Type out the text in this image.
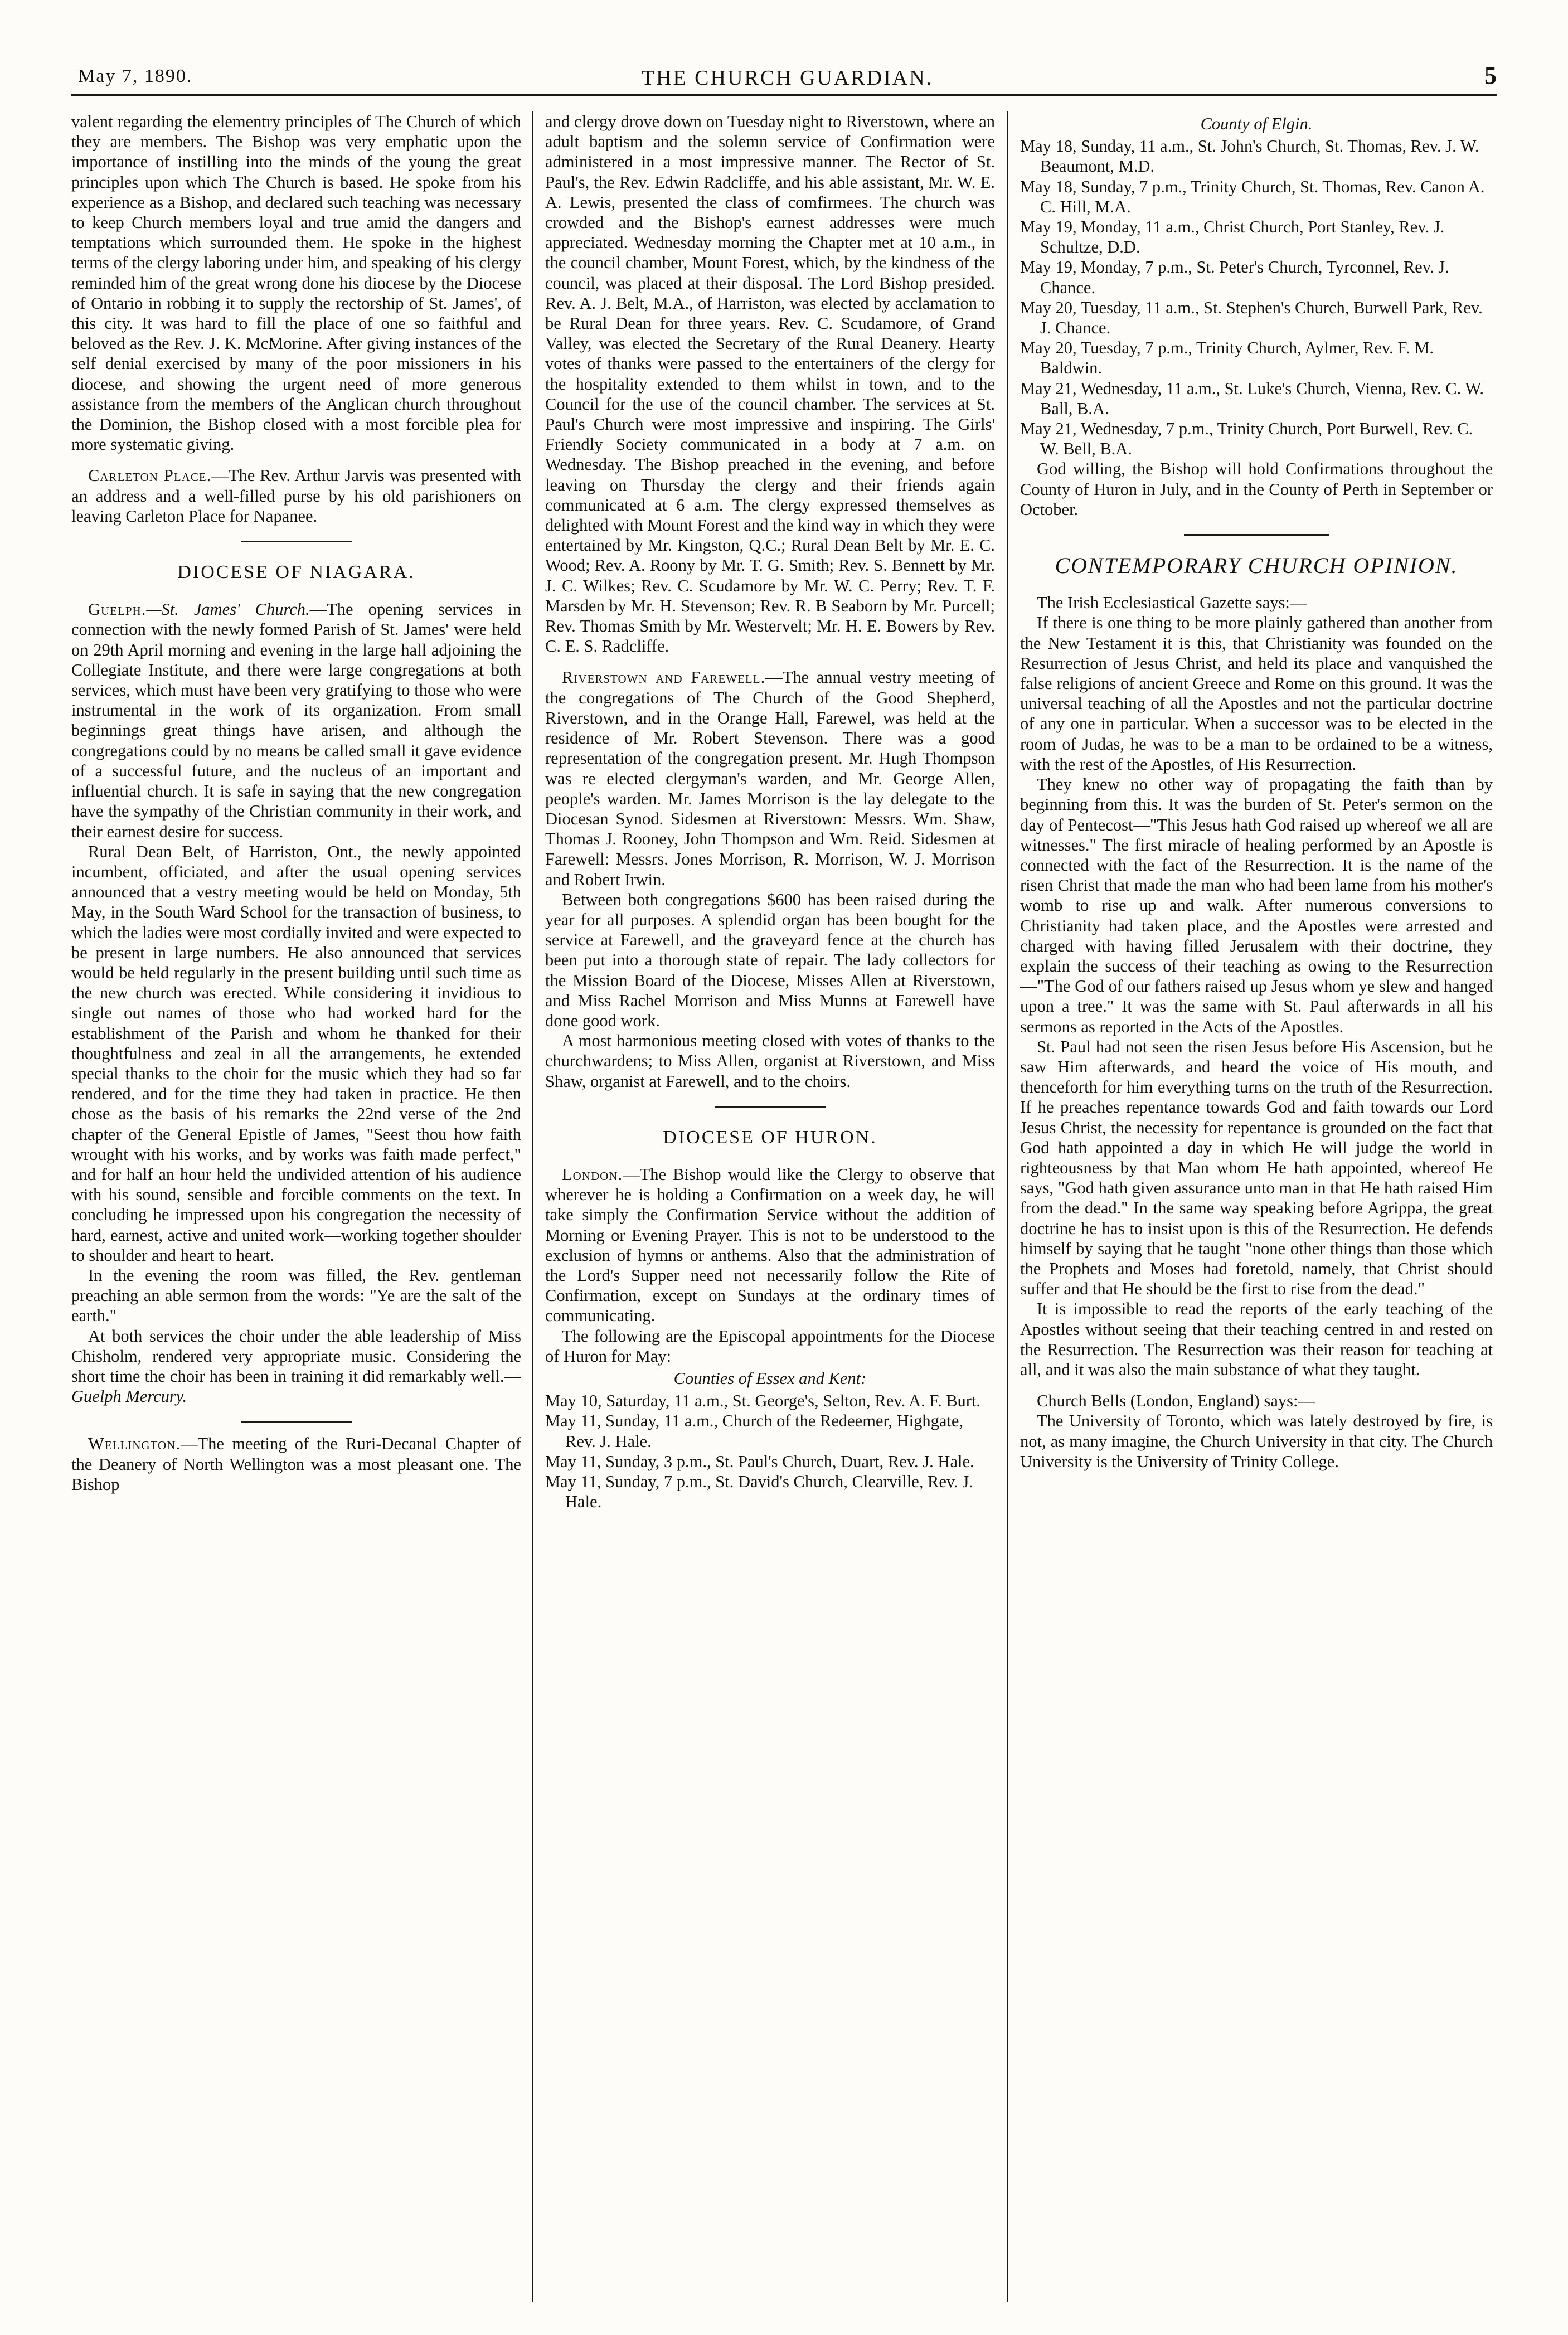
May 7, 1890.	THE CHURCH GUARDIAN.	5

valent regarding the elementry principles of The Church of which they are members. The Bishop was very emphatic upon the importance of instilling into the minds of the young the great principles upon which The Church is based. He spoke from his experience as a Bishop, and declared such teaching was necessary to keep Church members loyal and true amid the dangers and temptations which surrounded them. He spoke in the highest terms of the clergy laboring under him, and speaking of his clergy reminded him of the great wrong done his diocese by the Diocese of Ontario in robbing it to supply the rectorship of St. James', of this city. It was hard to fill the place of one so faithful and beloved as the Rev. J. K. McMorine. After giving instances of the self denial exercised by many of the poor missioners in his diocese, and showing the urgent need of more generous assistance from the members of the Anglican church throughout the Dominion, the Bishop closed with a most forcible plea for more systematic giving.

Carleton Place.—The Rev. Arthur Jarvis was presented with an address and a well-filled purse by his old parishioners on leaving Carleton Place for Napanee.

DIOCESE OF NIAGARA.

Guelph.—St. James' Church.—The opening services in connection with the newly formed Parish of St. James' were held on 29th April morning and evening in the large hall adjoining the Collegiate Institute, and there were large congregations at both services, which must have been very gratifying to those who were instrumental in the work of its organization. From small beginnings great things have arisen, and although the congregations could by no means be called small it gave evidence of a successful future, and the nucleus of an important and influential church. It is safe in saying that the new congregation have the sympathy of the Christian community in their work, and their earnest desire for success.

Rural Dean Belt, of Harriston, Ont., the newly appointed incumbent, officiated, and after the usual opening services announced that a vestry meeting would be held on Monday, 5th May, in the South Ward School for the transaction of business, to which the ladies were most cordially invited and were expected to be present in large numbers. He also announced that services would be held regularly in the present building until such time as the new church was erected. While considering it invidious to single out names of those who had worked hard for the establishment of the Parish and whom he thanked for their thoughtfulness and zeal in all the arrangements, he extended special thanks to the choir for the music which they had so far rendered, and for the time they had taken in practice. He then chose as the basis of his remarks the 22nd verse of the 2nd chapter of the General Epistle of James, "Seest thou how faith wrought with his works, and by works was faith made perfect," and for half an hour held the undivided attention of his audience with his sound, sensible and forcible comments on the text. In concluding he impressed upon his congregation the necessity of hard, earnest, active and united work—working together shoulder to shoulder and heart to heart.

In the evening the room was filled, the Rev. gentleman preaching an able sermon from the words: "Ye are the salt of the earth."

At both services the choir under the able leadership of Miss Chisholm, rendered very appropriate music. Considering the short time the choir has been in training it did remarkably well.—Guelph Mercury.

Wellington.—The meeting of the Ruri-Decanal Chapter of the Deanery of North Wellington was a most pleasant one. The Bishop

and clergy drove down on Tuesday night to Riverstown, where an adult baptism and the solemn service of Confirmation were administered in a most impressive manner. The Rector of St. Paul's, the Rev. Edwin Radcliffe, and his able assistant, Mr. W. E. A. Lewis, presented the class of comfirmees. The church was crowded and the Bishop's earnest addresses were much appreciated. Wednesday morning the Chapter met at 10 a.m., in the council chamber, Mount Forest, which, by the kindness of the council, was placed at their disposal. The Lord Bishop presided. Rev. A. J. Belt, M.A., of Harriston, was elected by acclamation to be Rural Dean for three years. Rev. C. Scudamore, of Grand Valley, was elected the Secretary of the Rural Deanery. Hearty votes of thanks were passed to the entertainers of the clergy for the hospitality extended to them whilst in town, and to the Council for the use of the council chamber. The services at St. Paul's Church were most impressive and inspiring. The Girls' Friendly Society communicated in a body at 7 a.m. on Wednesday. The Bishop preached in the evening, and before leaving on Thursday the clergy and their friends again communicated at 6 a.m. The clergy expressed themselves as delighted with Mount Forest and the kind way in which they were entertained by Mr. Kingston, Q.C.; Rural Dean Belt by Mr. E. C. Wood; Rev. A. Roony by Mr. T. G. Smith; Rev. S. Bennett by Mr. J. C. Wilkes; Rev. C. Scudamore by Mr. W. C. Perry; Rev. T. F. Marsden by Mr. H. Stevenson; Rev. R. B Seaborn by Mr. Purcell; Rev. Thomas Smith by Mr. Westervelt; Mr. H. E. Bowers by Rev. C. E. S. Radcliffe.

Riverstown and Farewell.—The annual vestry meeting of the congregations of The Church of the Good Shepherd, Riverstown, and in the Orange Hall, Farewel, was held at the residence of Mr. Robert Stevenson. There was a good representation of the congregation present. Mr. Hugh Thompson was re elected clergyman's warden, and Mr. George Allen, people's warden. Mr. James Morrison is the lay delegate to the Diocesan Synod. Sidesmen at Riverstown: Messrs. Wm. Shaw, Thomas J. Rooney, John Thompson and Wm. Reid. Sidesmen at Farewell: Messrs. Jones Morrison, R. Morrison, W. J. Morrison and Robert Irwin.

Between both congregations $600 has been raised during the year for all purposes. A splendid organ has been bought for the service at Farewell, and the graveyard fence at the church has been put into a thorough state of repair. The lady collectors for the Mission Board of the Diocese, Misses Allen at Riverstown, and Miss Rachel Morrison and Miss Munns at Farewell have done good work.

A most harmonious meeting closed with votes of thanks to the churchwardens; to Miss Allen, organist at Riverstown, and Miss Shaw, organist at Farewell, and to the choirs.

DIOCESE OF HURON.

London.—The Bishop would like the Clergy to observe that wherever he is holding a Confirmation on a week day, he will take simply the Confirmation Service without the addition of Morning or Evening Prayer. This is not to be understood to the exclusion of hymns or anthems. Also that the administration of the Lord's Supper need not necessarily follow the Rite of Confirmation, except on Sundays at the ordinary times of communicating.

The following are the Episcopal appointments for the Diocese of Huron for May:

Counties of Essex and Kent:
May 10, Saturday, 11 a.m., St. George's, Selton, Rev. A. F. Burt.
May 11, Sunday, 11 a.m., Church of the Redeemer, Highgate, Rev. J. Hale.
May 11, Sunday, 3 p.m., St. Paul's Church, Duart, Rev. J. Hale.
May 11, Sunday, 7 p.m., St. David's Church, Clearville, Rev. J. Hale.
County of Elgin.
May 18, Sunday, 11 a.m., St. John's Church, St. Thomas, Rev. J. W. Beaumont, M.D.
May 18, Sunday, 7 p.m., Trinity Church, St. Thomas, Rev. Canon A. C. Hill, M.A.
May 19, Monday, 11 a.m., Christ Church, Port Stanley, Rev. J. Schultze, D.D.
May 19, Monday, 7 p.m., St. Peter's Church, Tyrconnel, Rev. J. Chance.
May 20, Tuesday, 11 a.m., St. Stephen's Church, Burwell Park, Rev. J. Chance.
May 20, Tuesday, 7 p.m., Trinity Church, Aylmer, Rev. F. M. Baldwin.
May 21, Wednesday, 11 a.m., St. Luke's Church, Vienna, Rev. C. W. Ball, B.A.
May 21, Wednesday, 7 p.m., Trinity Church, Port Burwell, Rev. C. W. Bell, B.A.

God willing, the Bishop will hold Confirmations throughout the County of Huron in July, and in the County of Perth in September or October.

CONTEMPORARY CHURCH OPINION.

The Irish Ecclesiastical Gazette says:—

If there is one thing to be more plainly gathered than another from the New Testament it is this, that Christianity was founded on the Resurrection of Jesus Christ, and held its place and vanquished the false religions of ancient Greece and Rome on this ground. It was the universal teaching of all the Apostles and not the particular doctrine of any one in particular. When a successor was to be elected in the room of Judas, he was to be a man to be ordained to be a witness, with the rest of the Apostles, of His Resurrection.

They knew no other way of propagating the faith than by beginning from this. It was the burden of St. Peter's sermon on the day of Pentecost—"This Jesus hath God raised up whereof we all are witnesses." The first miracle of healing performed by an Apostle is connected with the fact of the Resurrection. It is the name of the risen Christ that made the man who had been lame from his mother's womb to rise up and walk. After numerous conversions to Christianity had taken place, and the Apostles were arrested and charged with having filled Jerusalem with their doctrine, they explain the success of their teaching as owing to the Resurrection—"The God of our fathers raised up Jesus whom ye slew and hanged upon a tree." It was the same with St. Paul afterwards in all his sermons as reported in the Acts of the Apostles.

St. Paul had not seen the risen Jesus before His Ascension, but he saw Him afterwards, and heard the voice of His mouth, and thenceforth for him everything turns on the truth of the Resurrection. If he preaches repentance towards God and faith towards our Lord Jesus Christ, the necessity for repentance is grounded on the fact that God hath appointed a day in which He will judge the world in righteousness by that Man whom He hath appointed, whereof He says, "God hath given assurance unto man in that He hath raised Him from the dead." In the same way speaking before Agrippa, the great doctrine he has to insist upon is this of the Resurrection. He defends himself by saying that he taught "none other things than those which the Prophets and Moses had foretold, namely, that Christ should suffer and that He should be the first to rise from the dead."

It is impossible to read the reports of the early teaching of the Apostles without seeing that their teaching centred in and rested on the Resurrection. The Resurrection was their reason for teaching at all, and it was also the main substance of what they taught.

Church Bells (London, England) says:—

The University of Toronto, which was lately destroyed by fire, is not, as many imagine, the Church University in that city. The Church University is the University of Trinity College.
